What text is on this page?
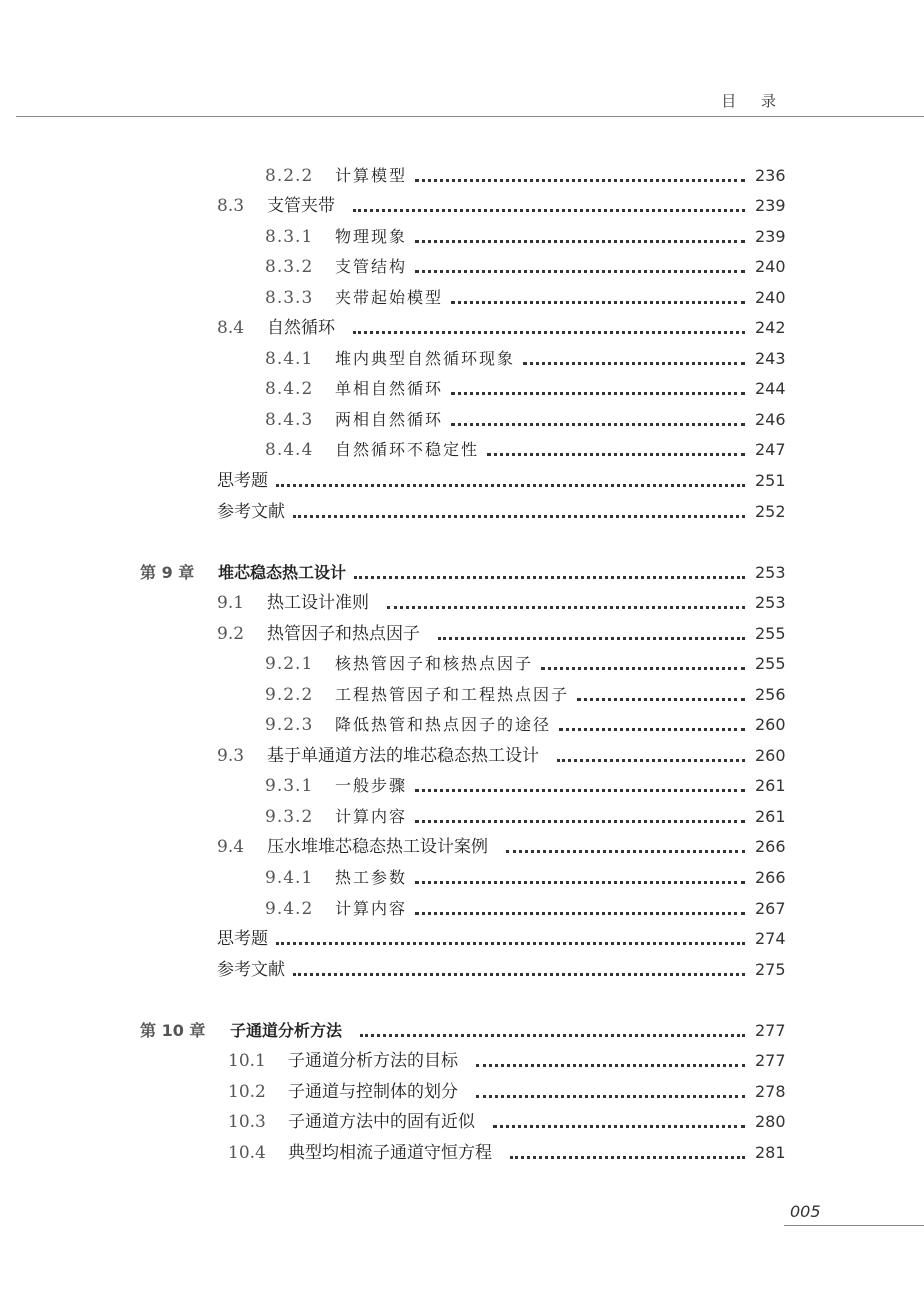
目 录
8.2.2	计算模型	236
8.3	支管夹带	239
8.3.1	物理现象	239
8.3.2	支管结构	240
8.3.3	夹带起始模型	240
8.4	自然循环	242
8.4.1	堆内典型自然循环现象	243
8.4.2	单相自然循环	244
8.4.3	两相自然循环	246
8.4.4	自然循环不稳定性	247
思考题	251
参考文献	252
第 9 章	堆芯稳态热工设计	253
9.1	热工设计准则	253
9.2	热管因子和热点因子	255
9.2.1	核热管因子和核热点因子	255
9.2.2	工程热管因子和工程热点因子	256
9.2.3	降低热管和热点因子的途径	260
9.3	基于单通道方法的堆芯稳态热工设计	260
9.3.1	一般步骤	261
9.3.2	计算内容	261
9.4	压水堆堆芯稳态热工设计案例	266
9.4.1	热工参数	266
9.4.2	计算内容	267
思考题	274
参考文献	275
第 10 章	子通道分析方法	277
10.1	子通道分析方法的目标	277
10.2	子通道与控制体的划分	278
10.3	子通道方法中的固有近似	280
10.4	典型均相流子通道守恒方程	281
005
